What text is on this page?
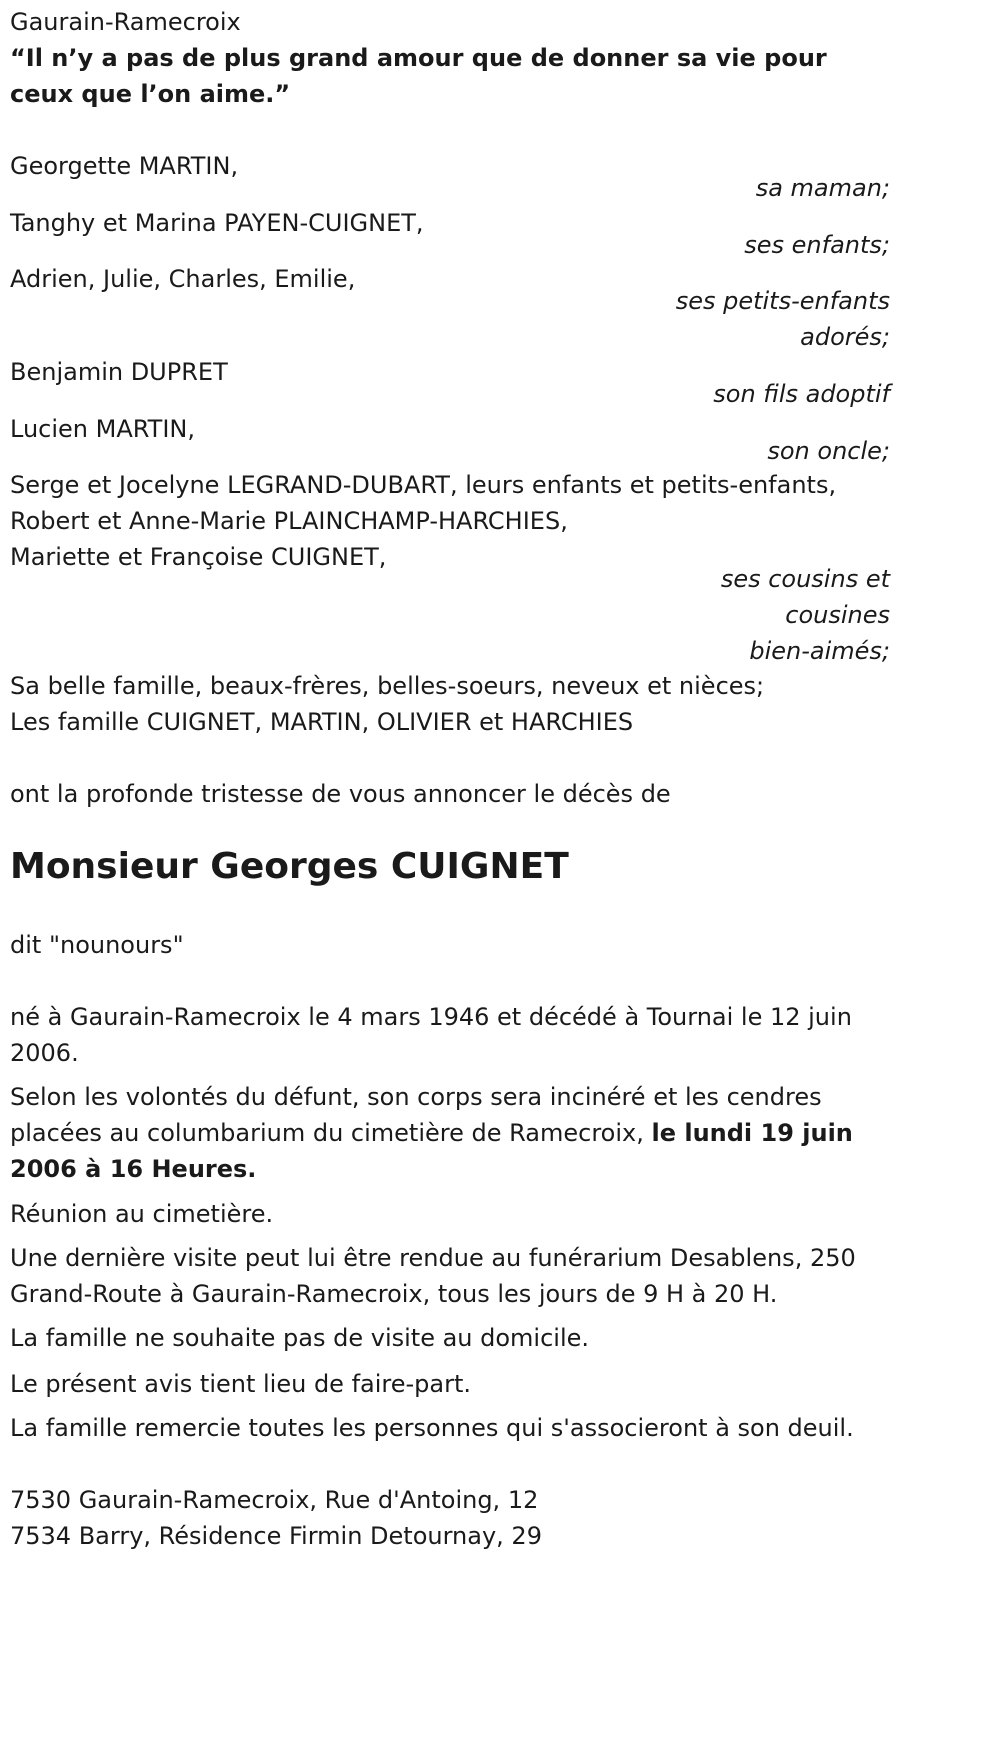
Gaurain-Ramecroix
“Il n’y a pas de plus grand amour que de donner sa vie pour ceux que l’on aime.”
Georgette MARTIN,
sa maman;
Tanghy et Marina PAYEN-CUIGNET,
ses enfants;
Adrien, Julie, Charles, Emilie,
ses petits-enfants
adorés;
Benjamin DUPRET
son fils adoptif
Lucien MARTIN,
son oncle;
Serge et Jocelyne LEGRAND-DUBART, leurs enfants et petits-enfants,
Robert et Anne-Marie PLAINCHAMP-HARCHIES,
Mariette et Françoise CUIGNET,
ses cousins et
cousines
bien-aimés;
Sa belle famille, beaux-frères, belles-soeurs, neveux et nièces;
Les famille CUIGNET, MARTIN, OLIVIER et HARCHIES
ont la profonde tristesse de vous annoncer le décès de
Monsieur Georges CUIGNET
dit "nounours"
né à Gaurain-Ramecroix le 4 mars 1946 et décédé à Tournai le 12 juin 2006.
Selon les volontés du défunt, son corps sera incinéré et les cendres placées au columbarium du cimetière de Ramecroix, le lundi 19 juin 2006 à 16 Heures.
Réunion au cimetière.
Une dernière visite peut lui être rendue au funérarium Desablens, 250 Grand-Route à Gaurain-Ramecroix, tous les jours de 9 H à 20 H.
La famille ne souhaite pas de visite au domicile.
Le présent avis tient lieu de faire-part.
La famille remercie toutes les personnes qui s'associeront à son deuil.
7530 Gaurain-Ramecroix, Rue d'Antoing, 12
7534 Barry, Résidence Firmin Detournay, 29
